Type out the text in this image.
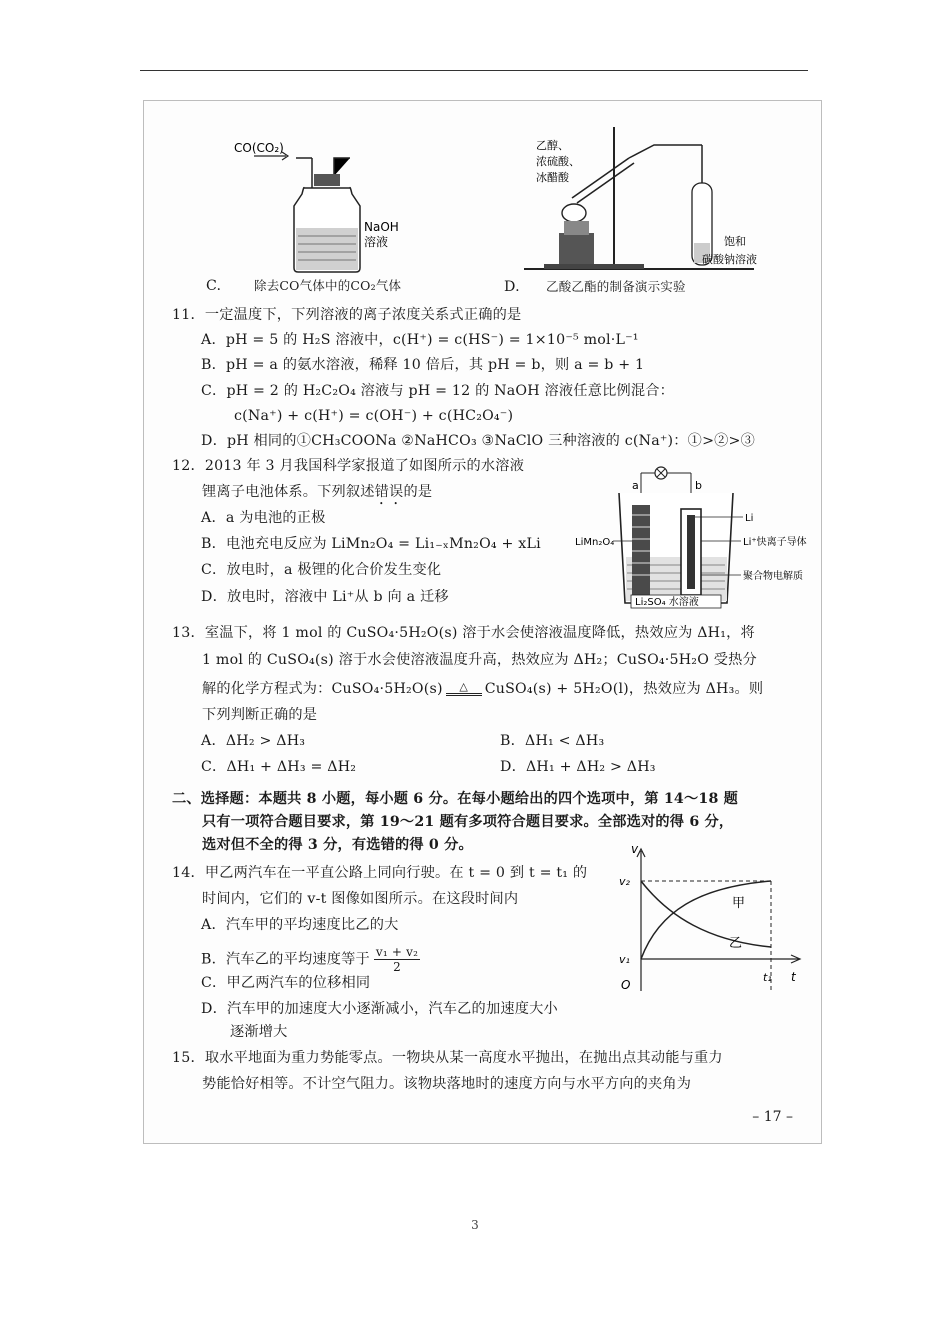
CO(CO₂)
NaOH
溶液
C.	除去CO气体中的CO₂气体
乙醇、
浓硫酸、
冰醋酸
饱和
碳酸钠溶液
D. 乙酸乙酯的制备演示实验
11．一定温度下，下列溶液的离子浓度关系式正确的是
A．pH = 5 的 H₂S 溶液中，c(H⁺) = c(HS⁻) = 1×10⁻⁵ mol·L⁻¹
B．pH = a 的氨水溶液，稀释 10 倍后，其 pH = b，则 a = b + 1
C．pH = 2 的 H₂C₂O₄ 溶液与 pH = 12 的 NaOH 溶液任意比例混合：
c(Na⁺) + c(H⁺) = c(OH⁻) + c(HC₂O₄⁻)
D．pH 相同的①CH₃COONa ②NaHCO₃ ③NaClO 三种溶液的 c(Na⁺)：①>②>③
12．2013 年 3 月我国科学家报道了如图所示的水溶液
锂离子电池体系。下列叙述错误的是
A．a 为电池的正极
B．电池充电反应为 LiMn₂O₄ = Li₁₋ₓMn₂O₄ + xLi
C．放电时，a 极锂的化合价发生变化
D．放电时，溶液中 Li⁺从 b 向 a 迁移
a	b
LiMn₂O₄
Li
Li⁺快离子导体
聚合物电解质
Li₂SO₄ 水溶液
13．室温下，将 1 mol 的 CuSO₄·5H₂O(s) 溶于水会使溶液温度降低，热效应为 ΔH₁，将
1 mol 的 CuSO₄(s) 溶于水会使溶液温度升高，热效应为 ΔH₂；CuSO₄·5H₂O 受热分
解的化学方程式为：CuSO₄·5H₂O(s) △ CuSO₄(s) + 5H₂O(l)，热效应为 ΔH₃。则
下列判断正确的是
A．ΔH₂ > ΔH₃	B．ΔH₁ < ΔH₃
C．ΔH₁ + ΔH₃ = ΔH₂	D．ΔH₁ + ΔH₂ > ΔH₃
二、选择题：本题共 8 小题，每小题 6 分。在每小题给出的四个选项中，第 14～18 题
只有一项符合题目要求，第 19～21 题有多项符合题目要求。全部选对的得 6 分，
选对但不全的得 3 分，有选错的得 0 分。
14．甲乙两汽车在一平直公路上同向行驶。在 t = 0 到 t = t₁ 的
时间内，它们的 v-t 图像如图所示。在这段时间内
A．汽车甲的平均速度比乙的大
B．汽车乙的平均速度等于 $\frac{\text{v₁ + v₂}}{2}$
C．甲乙两汽车的位移相同
D．汽车甲的加速度大小逐渐减小，汽车乙的加速度大小
逐渐增大
v
t
O
v₂
v₁
t₁
甲
乙
15．取水平地面为重力势能零点。一物块从某一高度水平抛出，在抛出点其动能与重力
势能恰好相等。不计空气阻力。该物块落地时的速度方向与水平方向的夹角为
– 17 –
3
